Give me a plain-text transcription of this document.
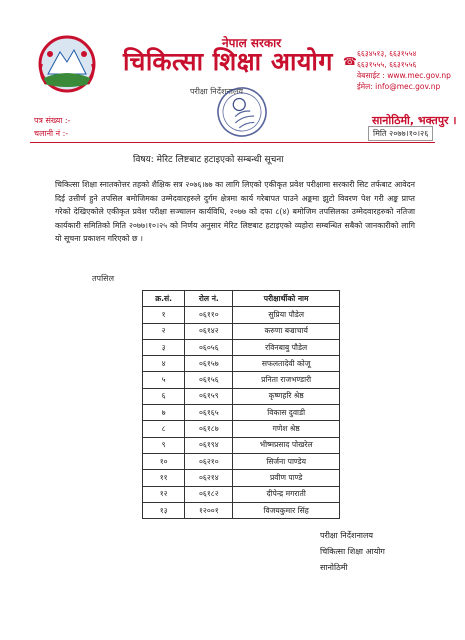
नेपाल सरकार
चिकित्सा शिक्षा आयोग ☎
६६३४५१३, ६६३१५५४
६६३१५५५, ६६३१५५६
वेबसाईट : www.mec.gov.np
ईमेल: info@mec.gov.np
परीक्षा निर्देशनालय
पत्र संख्या :-
चलानी नं :-
सानोठिमी, भक्तपुर ।
मिति २०७७।१०।२६
विषय: मेरिट लिष्टबाट हटाइएको सम्बन्धी सूचना
चिकित्सा शिक्षा स्नातकोत्तर तहको शैक्षिक सत्र २०७६।७७ का लागि लिएको एकीकृत प्रवेश परीक्षामा सरकारी सिट तर्फबाट आवेदन दिई उत्तीर्ण हुने तपसिल बमोजिमका उम्मेदवारहरुले दुर्गम क्षेत्रमा कार्य गरेबापत पाउने अङ्कमा झुटो विवरण पेश गरी अङ्क प्राप्त गरेको देखिएकोले एकीकृत प्रवेश परीक्षा सञ्चालन कार्यविधि, २०७७ को दफा ८(४) बमोजिम तपसिलका उम्मेदवारहरुको नतिजा कार्यकारी समितिको मिति २०७७।१०।२५ को निर्णय अनुसार मेरिट लिष्टबाट हटाइएको व्यहोरा सम्बन्धित सबैको जानकारीको लागि यो सूचना प्रकाशन गरिएको छ ।
तपसिल
क्र.सं.	रोल नं.	परीक्षार्थीको नाम
१	०६११०	सुप्रिया पौडेल
२	०६१४२	करुणा बज्राचार्य
३	०६०५६	रविनबाबु पौडेल
४	०६१५७	सफलतादेवी कोजू
५	०६१५६	प्रनिता राजभण्डारी
६	०६१५९	कृष्णहरि श्रेष्ठ
७	०६१६५	विकास दुवाडी
८	०६१८७	गणेश श्रेष्ठ
९	०६१९४	भीष्मप्रसाद पोखरेल
१०	०६२१०	सिर्जना पाण्डेय
११	०६२१४	प्रवीण पाण्डे
१२	०६१८२	दीपेन्द्र मगराती
१३	१२००१	विजयकुमार सिंह
परीक्षा निर्देशनालय
चिकित्सा शिक्षा आयोग
सानोठिमी
